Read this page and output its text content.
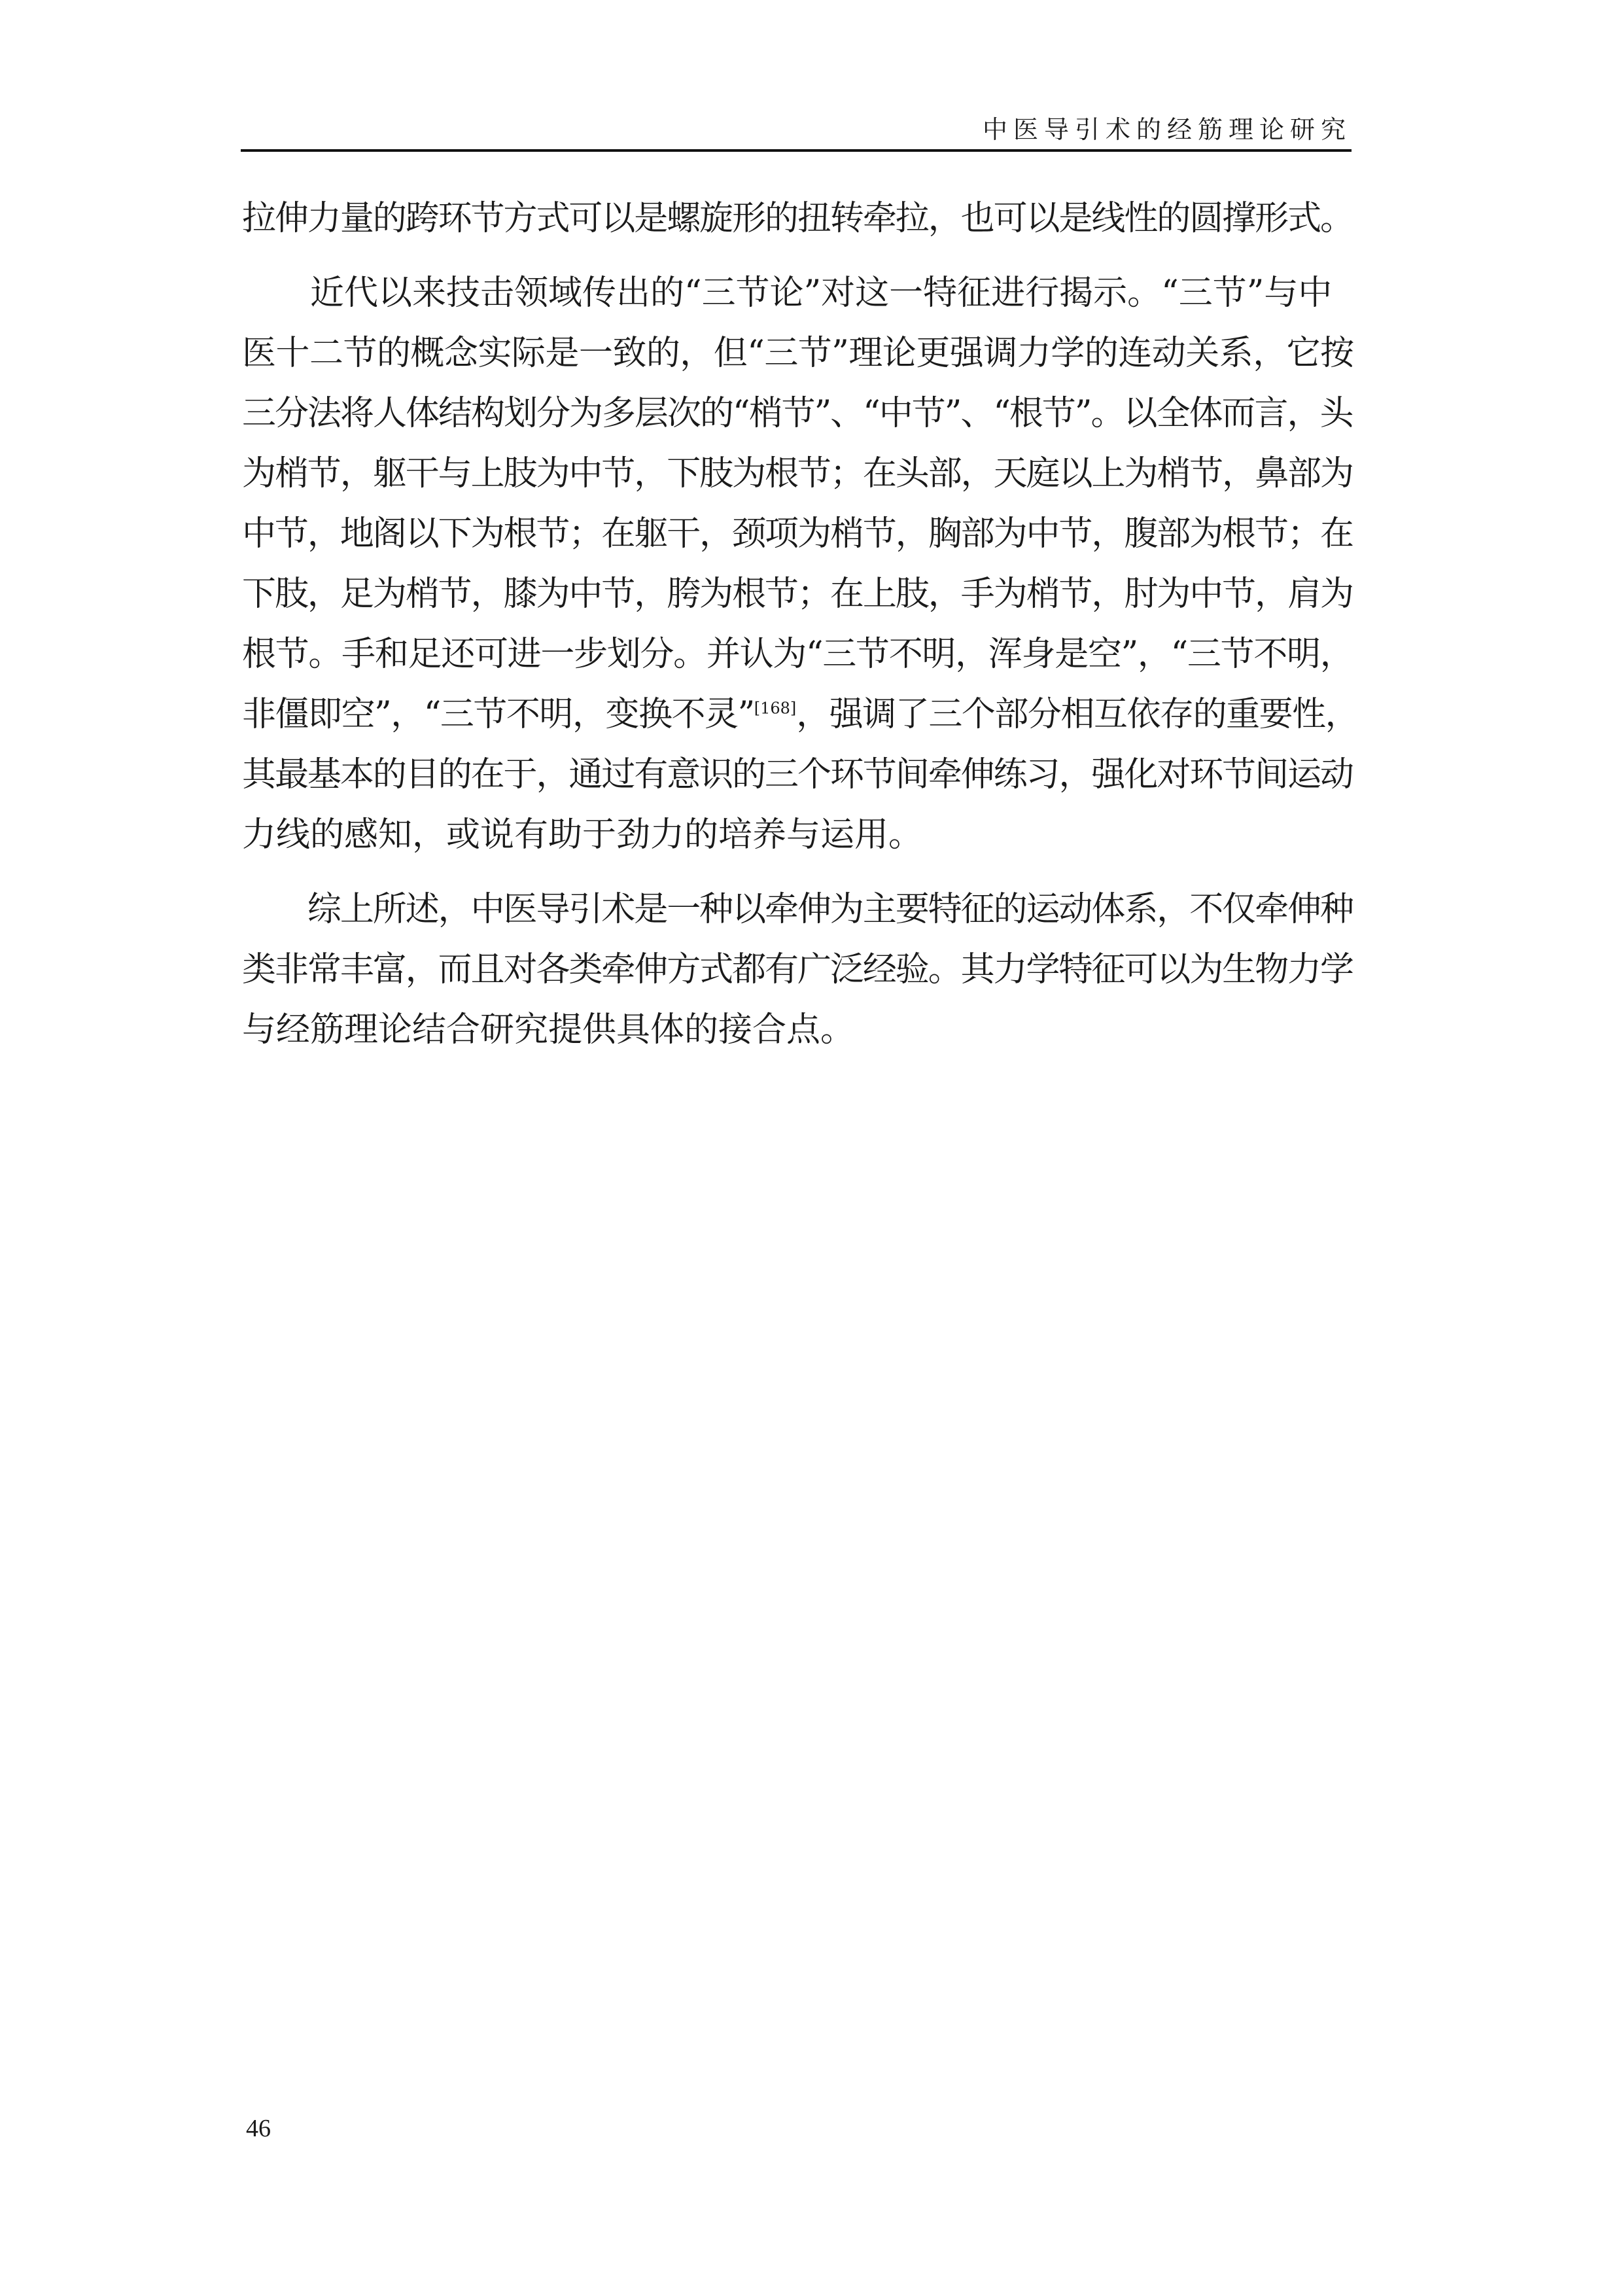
中医导引术的经筋理论研究
拉伸力量的跨环节方式可以是螺旋形的扭转牵拉，也可以是线性的圆撑形式。
　　近代以来技击领域传出的“三节论”对这一特征进行揭示。“三节”与中
医十二节的概念实际是一致的，但“三节”理论更强调力学的连动关系，它按
三分法将人体结构划分为多层次的“梢节”、“中节”、“根节”。以全体而言，头
为梢节，躯干与上肢为中节，下肢为根节；在头部，天庭以上为梢节，鼻部为
中节，地阁以下为根节；在躯干，颈项为梢节，胸部为中节，腹部为根节；在
下肢，足为梢节，膝为中节，胯为根节；在上肢，手为梢节，肘为中节，肩为
根节。手和足还可进一步划分。并认为“三节不明，浑身是空”，“三节不明，
非僵即空”，“三节不明，变换不灵”[168]，强调了三个部分相互依存的重要性，
其最基本的目的在于，通过有意识的三个环节间牵伸练习，强化对环节间运动
力线的感知，或说有助于劲力的培养与运用。
　　综上所述，中医导引术是一种以牵伸为主要特征的运动体系，不仅牵伸种
类非常丰富，而且对各类牵伸方式都有广泛经验。其力学特征可以为生物力学
与经筋理论结合研究提供具体的接合点。
46
